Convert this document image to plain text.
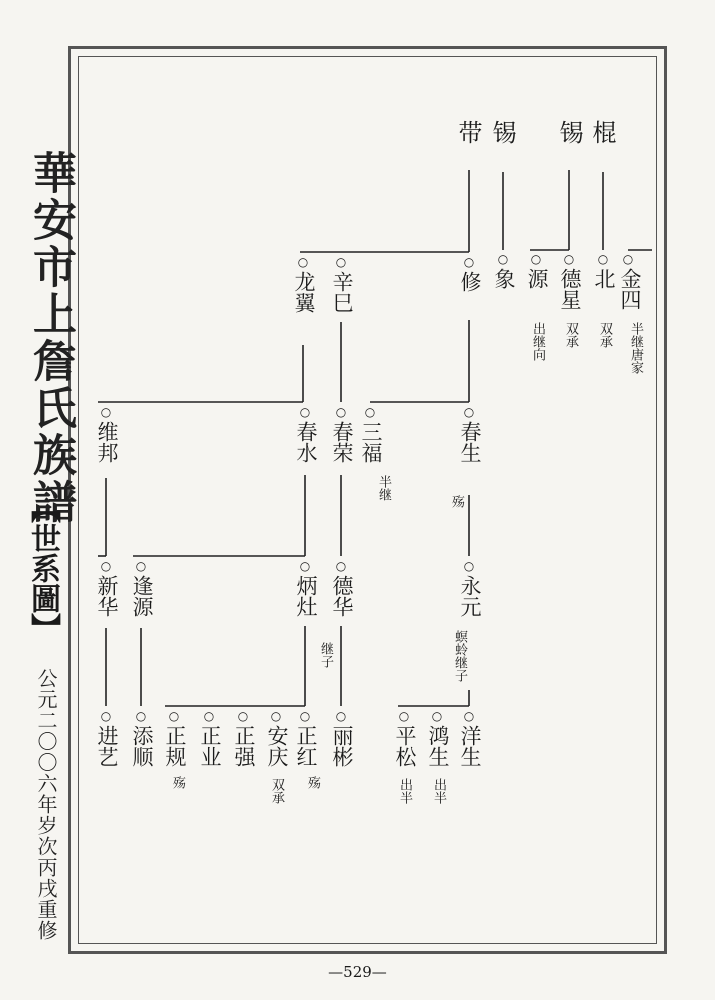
華安市上詹氏族譜
【世系圖】
公元二〇〇六年岁次丙戌重修
—529—
棍
锡
锡
带
○
金四
半继唐家
○
北
双承
○
德星
双承
○
源
出继向
○
象
○
修
○
辛巳
○
龙翼
○
春生
殇
○
三福
半继
○
春荣
○
春水
○
维邦
○
永元
螟蛉继子
○
德华
继子
○
炳灶
○
逢源
○
新华
○
洋生
○
鸿生
出半
○
平松
出半
○
丽彬
○
正红
殇
○
安庆
双承
○
正强
○
正业
○
正规
殇
○
添顺
○
进艺
